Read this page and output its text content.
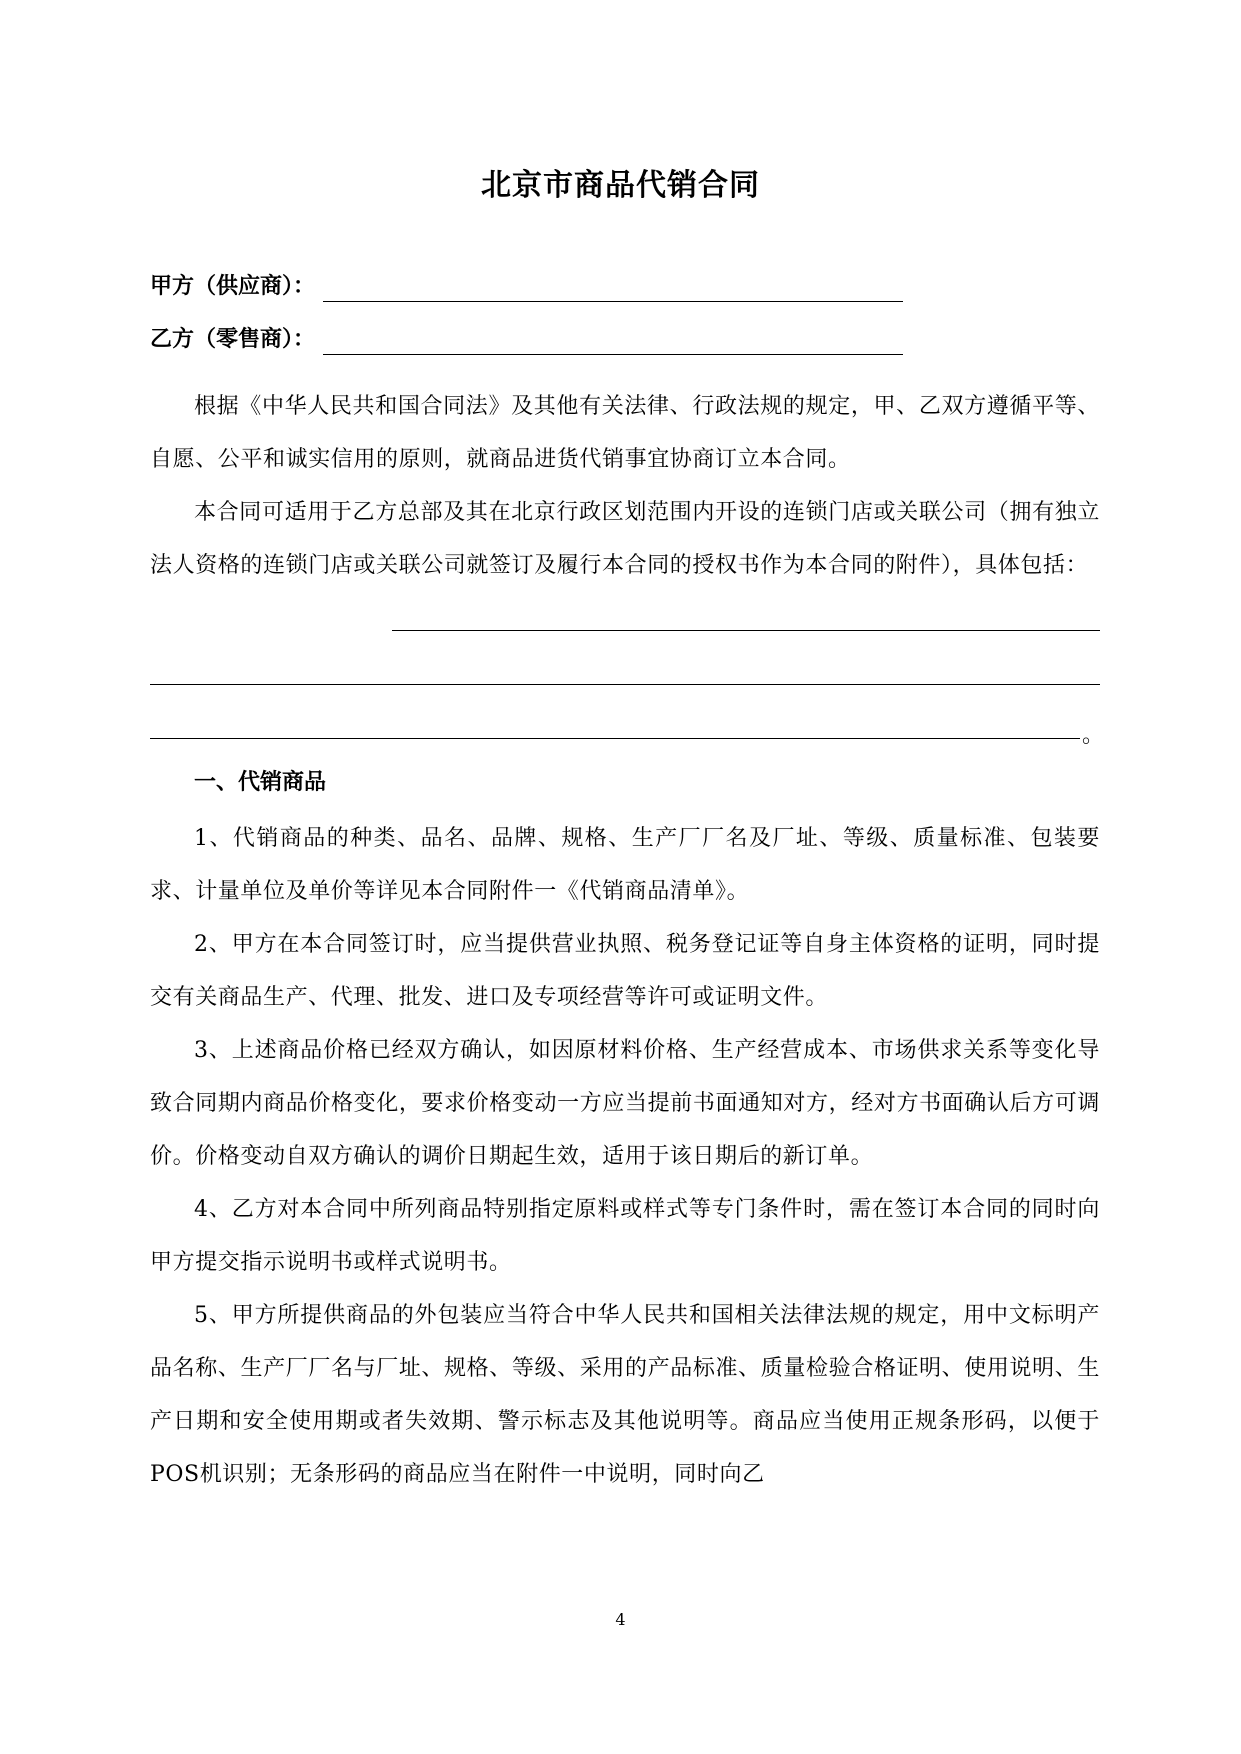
北京市商品代销合同
甲方（供应商）：
乙方（零售商）：

根据《中华人民共和国合同法》及其他有关法律、行政法规的规定，甲、乙双方遵循平等、自愿、公平和诚实信用的原则，就商品进货代销事宜协商订立本合同。

本合同可适用于乙方总部及其在北京行政区划范围内开设的连锁门店或关联公司（拥有独立法人资格的连锁门店或关联公司就签订及履行本合同的授权书作为本合同的附件），具体包括：

。
一、代销商品

1、代销商品的种类、品名、品牌、规格、生产厂厂名及厂址、等级、质量标准、包装要求、计量单位及单价等详见本合同附件一《代销商品清单》。

2、甲方在本合同签订时，应当提供营业执照、税务登记证等自身主体资格的证明，同时提交有关商品生产、代理、批发、进口及专项经营等许可或证明文件。

3、上述商品价格已经双方确认，如因原材料价格、生产经营成本、市场供求关系等变化导致合同期内商品价格变化，要求价格变动一方应当提前书面通知对方，经对方书面确认后方可调价。价格变动自双方确认的调价日期起生效，适用于该日期后的新订单。

4、乙方对本合同中所列商品特别指定原料或样式等专门条件时，需在签订本合同的同时向甲方提交指示说明书或样式说明书。

5、甲方所提供商品的外包装应当符合中华人民共和国相关法律法规的规定，用中文标明产品名称、生产厂厂名与厂址、规格、等级、采用的产品标准、质量检验合格证明、使用说明、生产日期和安全使用期或者失效期、警示标志及其他说明等。商品应当使用正规条形码，以便于POS机识别；无条形码的商品应当在附件一中说明，同时向乙

4
